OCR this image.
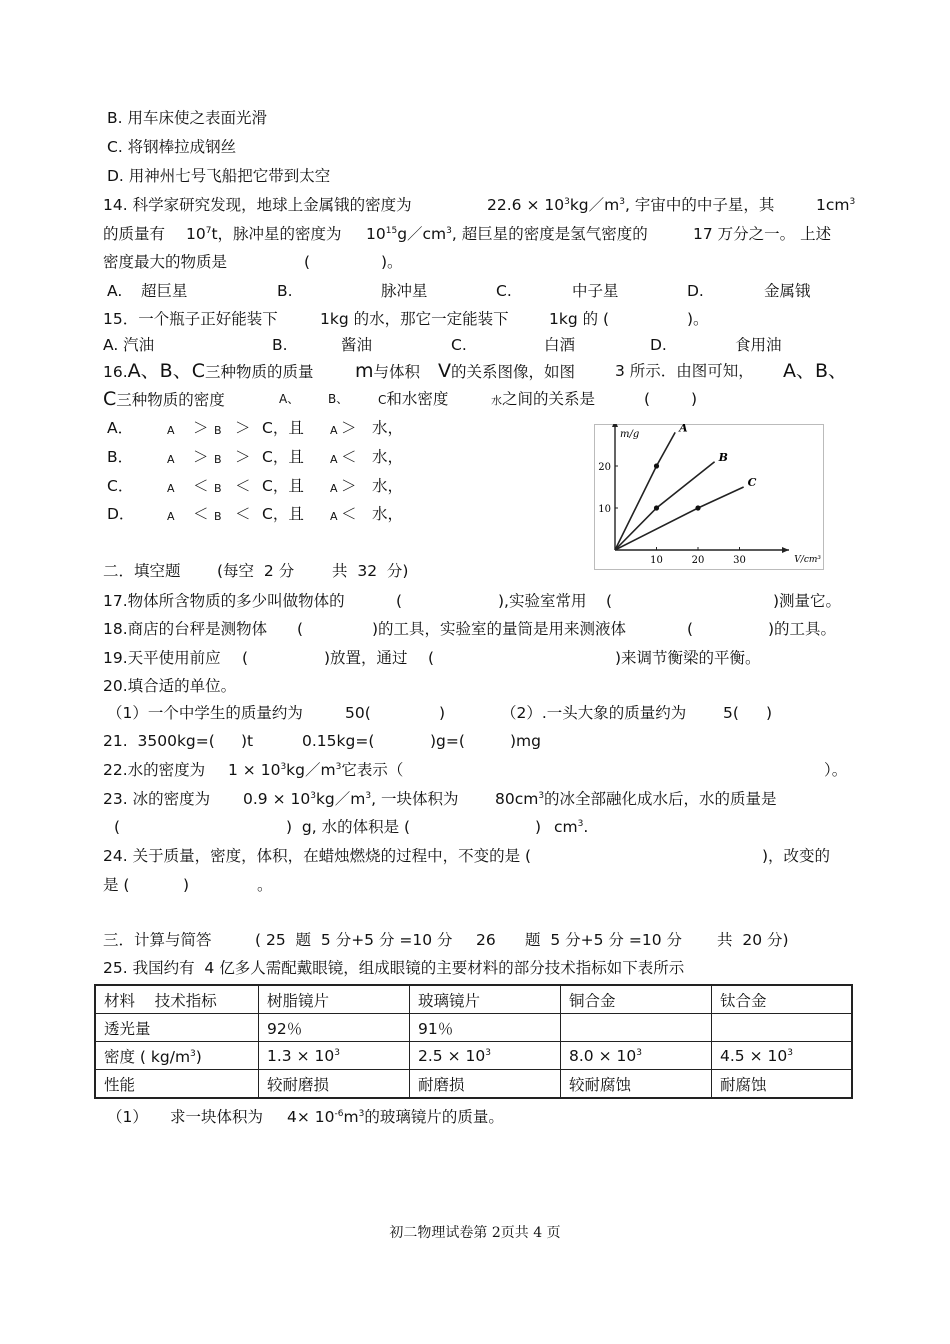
B. 用车床使之表面光滑
C. 将钢棒拉成钢丝
D. 用神州七号飞船把它带到太空
14. 科学家研究发现，地球上金属锇的密度为	$22.6 \times 10^3kg/m^3$, 宇宙中的中子星，其	$1cm^3$
的质量有 $10^7t$，脉冲星的密度为 $10^{15}g/cm^3$, 超巨星的密度是氢气密度的	17 万分之一。 上述
密度最大的物质是	(	)。
A. 超巨星	B.	脉冲星	C.	中子星	D.	金属锇
15．一个瓶子正好能装下	1kg 的水，那它一定能装下	1kg 的 (	)。
A. 汽油	B.	酱油	C.	白酒	D.	食用油
16.A、B、C三种物质的质量 m与体积 V的关系图像，如图	3 所示．由图可知， A、B、
C三种物质的密度	A、 B、 C和水密度	水之间的关系是	(	)
A．	A ＞ B ＞ C，且 A ＞ 水，
B．	A ＞ B ＞ C，且 A ＜ 水，
C．	A ＜ B ＜ C，且 A ＞ 水，
D．	A ＜ B ＜ C，且 A ＜ 水，
10	20	30
10
20
A
B
C
m/g
V/cm³
二．填空题 (每空  2 分 共  32  分)
17.物体所含物质的多少叫做物体的	(	),实验室常用 (	)测量它。
18.商店的台秤是测物体 (	)的工具，实验室的量筒是用来测液体	(	)的工具。
19.天平使用前应 (	)放置，通过 (	)来调节衡梁的平衡。
20.填合适的单位。
（1）一个中学生的质量约为	50(	)	（2）.一头大象的质量约为 5( )
21.  3500kg=( )t	0.15kg=(	)g=(	)mg
22.水的密度为 $1 \times 10^3kg/m^3$它表示（	）。
23. 冰的密度为 $0.9 \times 10^3kg/m^3$, 一块体积为 $80cm^3$ 的冰全部融化成水后，水的质量是
(	)  g, 水的体积是 (	) $cm^3$.
24. 关于质量，密度，体积，在蜡烛燃烧的过程中，不变的是 (	)，改变的
是 (	)	。
三．计算与简答	( 25  题  5 分+5 分 =10 分 26 题  5 分+5 分 =10 分 共  20 分)
25. 我国约有  4 亿多人需配戴眼镜，组成眼镜的主要材料的部分技术指标如下表所示
材料 技术指标	树脂镜片	玻璃镜片	铜合金	钛合金
透光量	92％	91％		
密度 ( $kg/m^3$)	$1.3 \times 10^3$	$2.5 \times 10^3$	$8.0 \times 10^3$	$4.5 \times 10^3$
性能	较耐磨损	耐磨损	较耐腐蚀	耐腐蚀
（1） 求一块体积为 $4\times 10^{-6}m^3$的玻璃镜片的质量。
初二物理试卷第 2页共 4 页
